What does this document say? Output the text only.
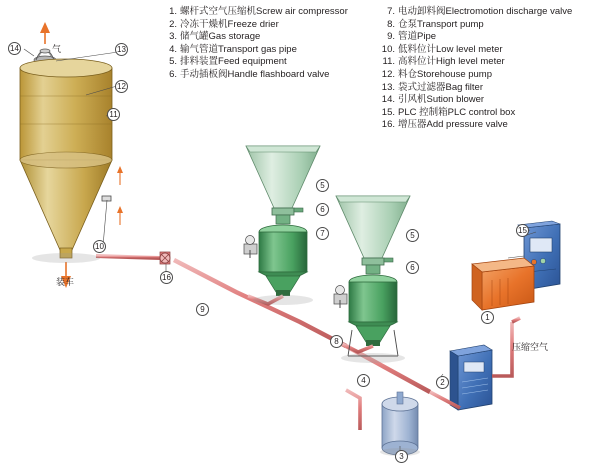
1. 螺杆式空气压缩机Screw air compressor
2. 冷冻干燥机Freeze drier
3. 储气罐Gas storage
4. 输气管道Transport gas pipe
5. 排料装置Feed equipment
6. 手动插板阀Handle flashboard valve
7. 电动卸料阀Electromotion discharge valve
8. 仓泵Transport pump
9. 管道Pipe
10. 低料位计Low level meter
11. 高料位计High level meter
12. 料仓Storehouse pump
13. 袋式过滤器Bag filter
14. 引风机Sution blower
15. PLC 控制箱PLC control box
16. 增压器Add pressure valve
14	13
12
11
10
16
9
5
6
7	5
6
8
15
4	2
3
1
气
装车
压缩空气
